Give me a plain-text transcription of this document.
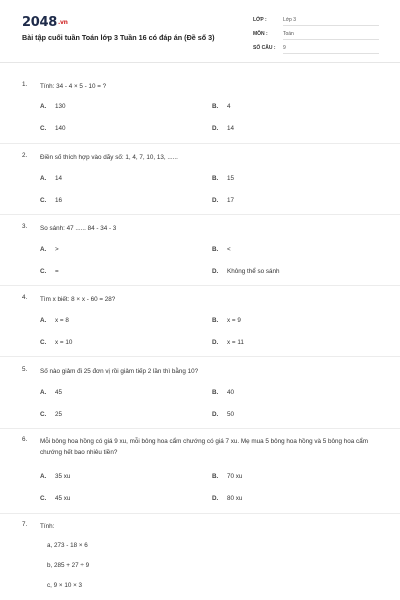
2048.vn
Bài tập cuối tuần Toán lớp 3 Tuần 16 có đáp án (Đề số 3)
LỚP :	Lớp 3
MÔN :	Toán
SỐ CÂU :	9
1. Tính: 34 - 4 × 5 - 10 = ?
A. 130	B. 4
C. 140	D. 14
2. Điền số thích hợp vào dãy số: 1, 4, 7, 10, 13, ......
A. 14	B. 15
C. 16	D. 17
3. So sánh: 47 ...... 84 - 34 - 3
A. >	B. <
C. =	D. Không thể so sánh
4. Tìm x biết: 8 × x - 60 = 28?
A. x = 8	B. x = 9
C. x = 10	D. x = 11
5. Số nào giảm đi 25 đơn vị rồi giảm tiếp 2 lần thì bằng 10?
A. 45	B. 40
C. 25	D. 50
6. Mỗi bông hoa hồng có giá 9 xu, mỗi bông hoa cẩm chướng có giá 7 xu. Mẹ mua 5 bông hoa hồng và 5 bông hoa cẩm chướng hết bao nhiêu tiền?
A. 35 xu	B. 70 xu
C. 45 xu	D. 80 xu
7. Tính:
a, 273 - 18 × 6
b, 285 + 27 ÷ 9
c, 9 × 10 × 3
